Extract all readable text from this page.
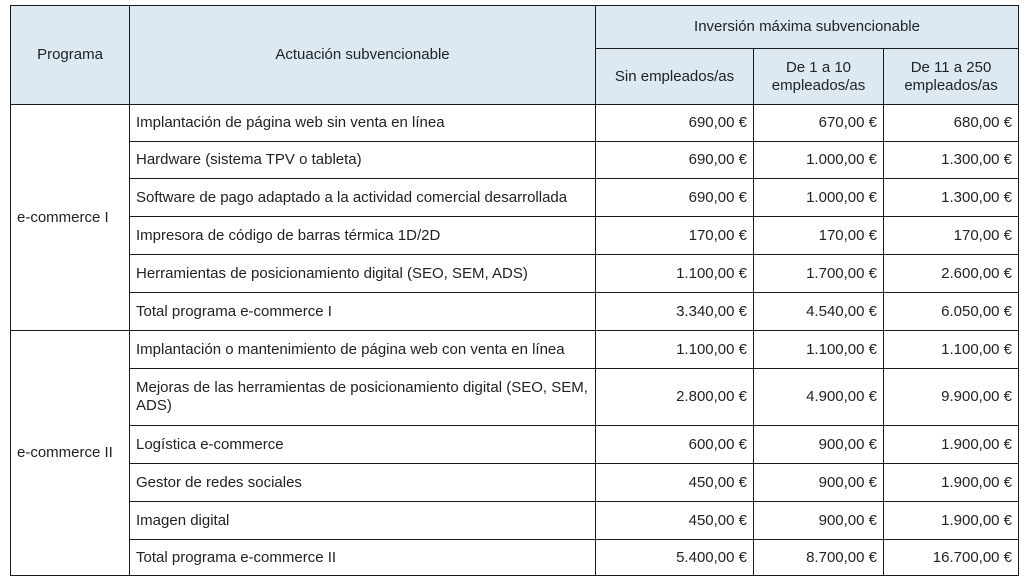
Programa	Actuación subvencionable	Inversión máxima subvencionable		
		Sin empleados/as	De 1 a 10 empleados/as	De 11 a 250 empleados/as
e-commerce I	Implantación de página web sin venta en línea	690,00 €	670,00 €	680,00 €
	Hardware (sistema TPV o tableta)	690,00 €	1.000,00 €	1.300,00 €
	Software de pago adaptado a la actividad comercial desarrollada	690,00 €	1.000,00 €	1.300,00 €
	Impresora de código de barras térmica 1D/2D	170,00 €	170,00 €	170,00 €
	Herramientas de posicionamiento digital (SEO, SEM, ADS)	1.100,00 €	1.700,00 €	2.600,00 €
	Total programa e-commerce I	3.340,00 €	4.540,00 €	6.050,00 €
e-commerce II	Implantación o mantenimiento de página web con venta en línea	1.100,00 €	1.100,00 €	1.100,00 €
	Mejoras de las herramientas de posicionamiento digital (SEO, SEM, ADS)	2.800,00 €	4.900,00 €	9.900,00 €
	Logística e-commerce	600,00 €	900,00 €	1.900,00 €
	Gestor de redes sociales	450,00 €	900,00 €	1.900,00 €
	Imagen digital	450,00 €	900,00 €	1.900,00 €
	Total programa e-commerce II	5.400,00 €	8.700,00 €	16.700,00 €
